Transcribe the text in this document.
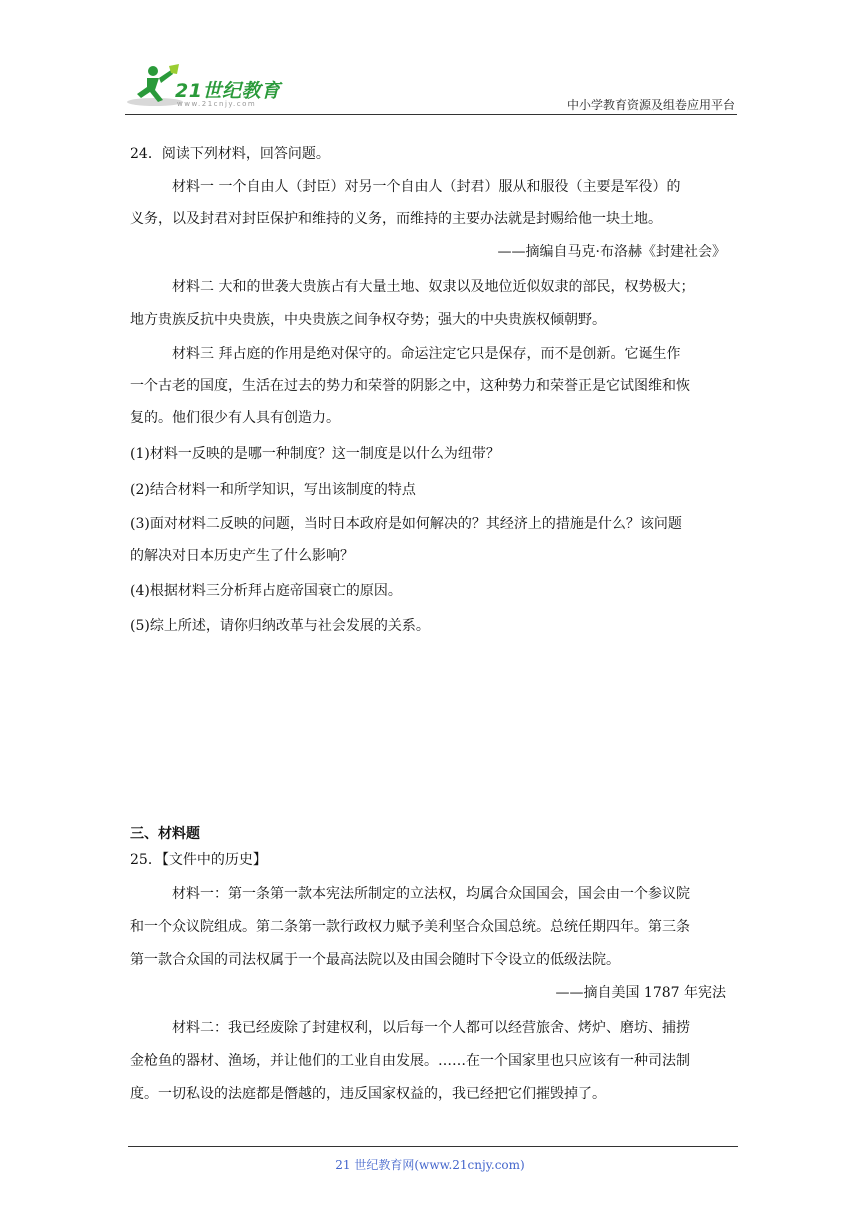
21世纪教育
www.21cnjy.com	中小学教育资源及组卷应用平台
24．阅读下列材料，回答问题。
材料一 一个自由人（封臣）对另一个自由人（封君）服从和服役（主要是军役）的
义务，以及封君对封臣保护和维持的义务，而维持的主要办法就是封赐给他一块土地。
——摘编自马克·布洛赫《封建社会》
材料二 大和的世袭大贵族占有大量土地、奴隶以及地位近似奴隶的部民，权势极大；
地方贵族反抗中央贵族，中央贵族之间争权夺势；强大的中央贵族权倾朝野。
材料三 拜占庭的作用是绝对保守的。命运注定它只是保存，而不是创新。它诞生作
一个古老的国度，生活在过去的势力和荣誉的阴影之中，这种势力和荣誉正是它试图维和恢
复的。他们很少有人具有创造力。
(1)材料一反映的是哪一种制度？这一制度是以什么为纽带？
(2)结合材料一和所学知识，写出该制度的特点
(3)面对材料二反映的问题，当时日本政府是如何解决的？其经济上的措施是什么？该问题
的解决对日本历史产生了什么影响？
(4)根据材料三分析拜占庭帝国衰亡的原因。
(5)综上所述，请你归纳改革与社会发展的关系。
三、材料题
25．【文件中的历史】
材料一：第一条第一款本宪法所制定的立法权，均属合众国国会，国会由一个参议院
和一个众议院组成。第二条第一款行政权力赋予美利坚合众国总统。总统任期四年。第三条
第一款合众国的司法权属于一个最高法院以及由国会随时下令设立的低级法院。
——摘自美国 1787 年宪法
材料二：我已经废除了封建权利，以后每一个人都可以经营旅舍、烤炉、磨坊、捕捞
金枪鱼的器材、渔场，并让他们的工业自由发展。……在一个国家里也只应该有一种司法制
度。一切私设的法庭都是僭越的，违反国家权益的，我已经把它们摧毁掉了。
21 世纪教育网(www.21cnjy.com)
